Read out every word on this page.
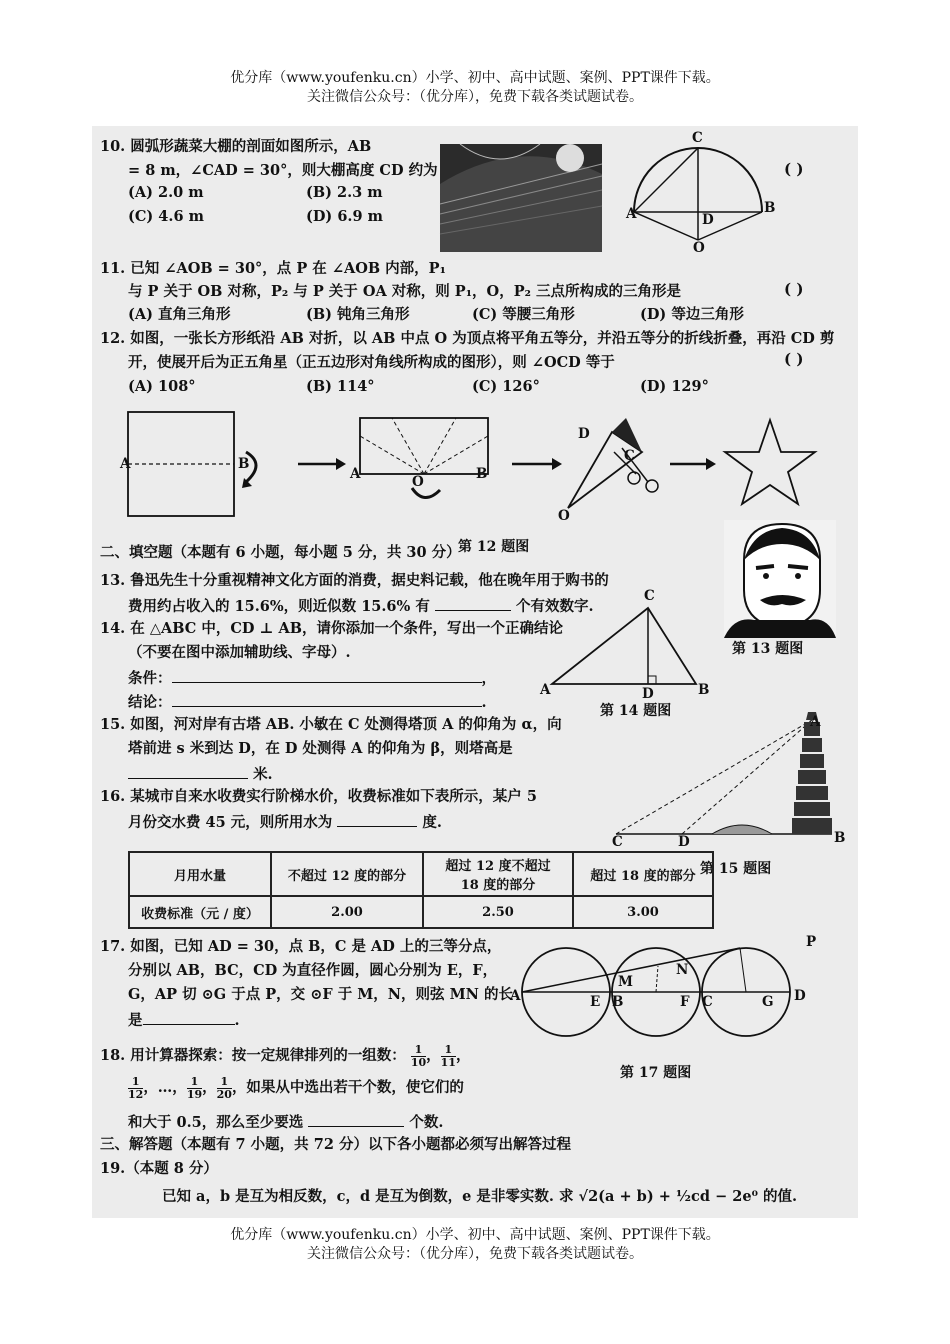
优分库（www.youfenku.cn）小学、初中、高中试题、案例、PPT课件下载。
关注微信公众号：（优分库），免费下载各类试题试卷。
10. 圆弧形蔬菜大棚的剖面如图所示，AB
= 8 m，∠CAD = 30°，则大棚高度 CD 约为
(A) 2.0 m	(B) 2.3 m
(C) 4.6 m	(D) 6.9 m
( )
C
A	D
B
O
11. 已知 ∠AOB = 30°，点 P 在 ∠AOB 内部，P₁
与 P 关于 OB 对称，P₂ 与 P 关于 OA 对称，则 P₁，O，P₂ 三点所构成的三角形是	( )
(A) 直角三角形	(B) 钝角三角形	(C) 等腰三角形	(D) 等边三角形
12. 如图，一张长方形纸沿 AB 对折，以 AB 中点 O 为顶点将平角五等分，并沿五等分的折线折叠，再沿 CD 剪
开，使展开后为正五角星（正五边形对角线所构成的图形），则 ∠OCD 等于	( )
(A) 108°	(B) 114°	(C) 126°	(D) 129°
A	B
A	B
O
D
C
O
二、填空题（本题有 6 小题，每小题 5 分，共 30 分）
第 12 题图
13. 鲁迅先生十分重视精神文化方面的消费，据史料记载，他在晚年用于购书的
费用约占收入的 15.6%，则近似数 15.6% 有	个有效数字.
第 13 题图
14. 在 △ABC 中，CD ⊥ AB，请你添加一个条件，写出一个正确结论
（不要在图中添加辅助线、字母）.
条件：	，
结论：	.
C
A	D	B
第 14 题图
15. 如图，河对岸有古塔 AB. 小敏在 C 处测得塔顶 A 的仰角为 α，向
塔前进 s 米到达 D，在 D 处测得 A 的仰角为 β，则塔高是
米.
A
C	D	B
第 15 题图
16. 某城市自来水收费实行阶梯水价，收费标准如下表所示，某户 5
月份交水费 45 元，则所用水为	度.
月用水量	不超过 12 度的部分	超过 12 度不超过
18 度的部分	超过 18 度的部分
收费标准（元 / 度）	2.00	2.50	3.00
17. 如图，已知 AD = 30，点 B，C 是 AD 上的三等分点，
分别以 AB，BC，CD 为直径作圆，圆心分别为 E，F，
G，AP 切 ⊙G 于点 P，交 ⊙F 于 M，N，则弦 MN 的长
是	.
P
A	E B	F C	G D
M
N
第 17 题图
18. 用计算器探索：按一定规律排列的一组数： $\frac{1}{10}$， $\frac{1}{11}$，
$\frac{1}{12}$，…， $\frac{1}{19}$， $\frac{1}{20}$，如果从中选出若干个数，使它们的
和大于 0.5，那么至少要选	个数.
三、解答题（本题有 7 小题，共 72 分）以下各小题都必须写出解答过程
19.（本题 8 分）
已知 a，b 是互为相反数，c，d 是互为倒数，e 是非零实数. 求 √2(a + b) + ½cd − 2e⁰ 的值.
优分库（www.youfenku.cn）小学、初中、高中试题、案例、PPT课件下载。
关注微信公众号：（优分库），免费下载各类试题试卷。
